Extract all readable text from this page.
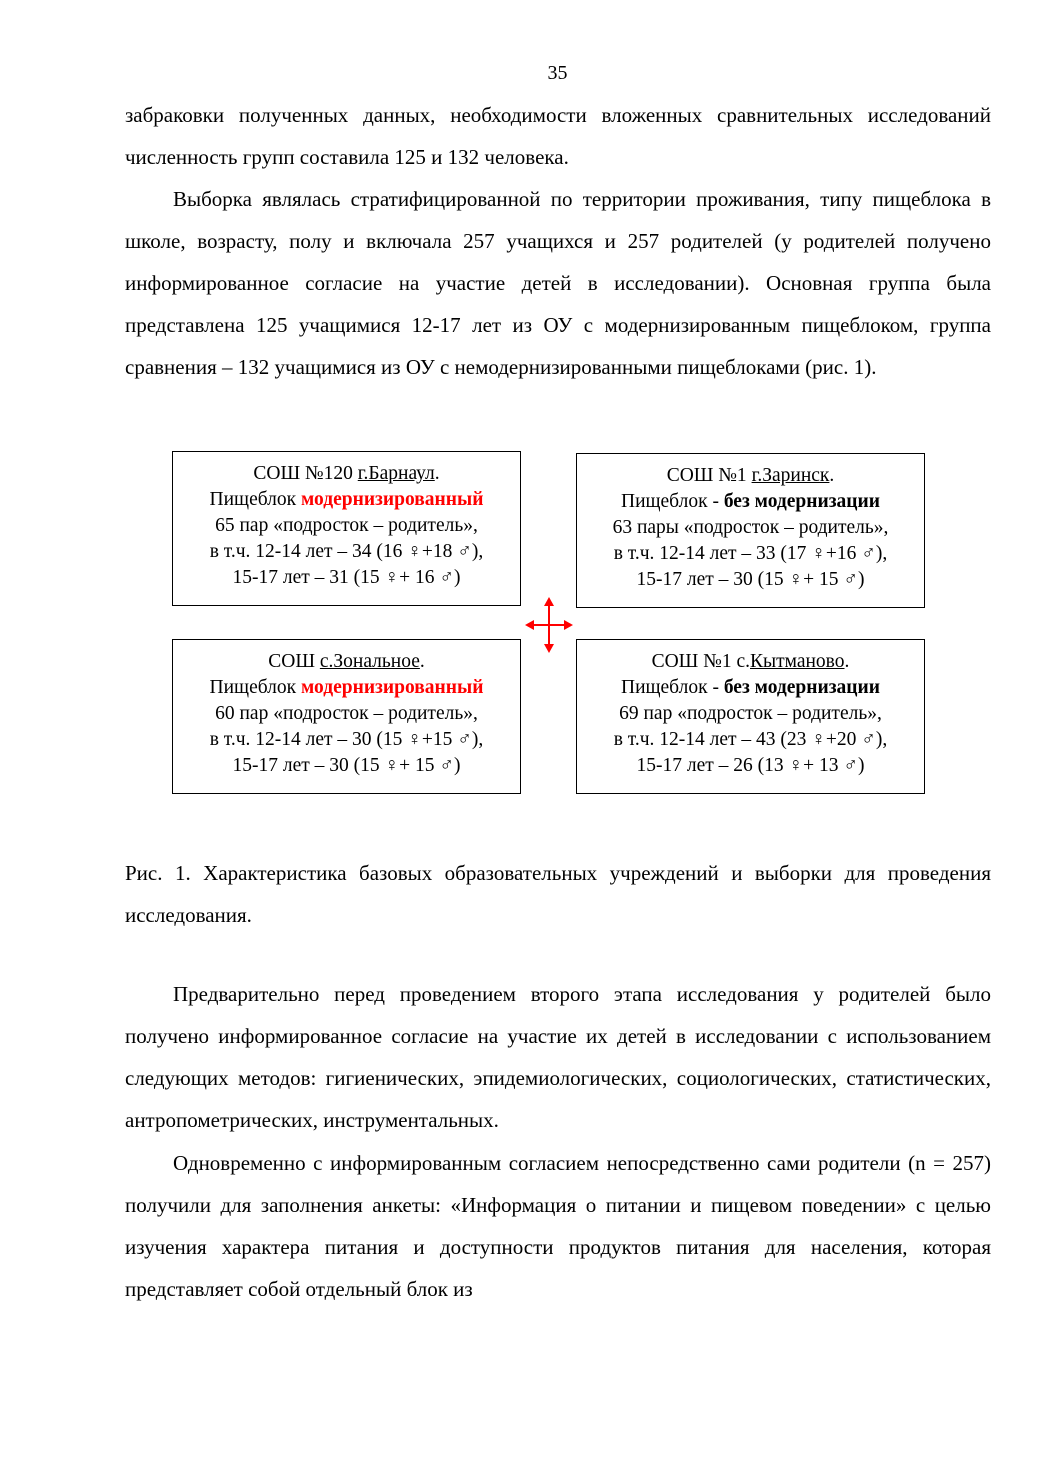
35

забраковки полученных данных, необходимости вложенных сравнительных исследований численность групп составила 125 и 132 человека.

Выборка являлась стратифицированной по территории проживания, типу пищеблока в школе, возрасту, полу и включала 257 учащихся и 257 родителей (у родителей получено информированное согласие на участие детей в исследовании). Основная группа была представлена 125 учащимися 12-17 лет из ОУ с модернизированным пищеблоком, группа сравнения – 132 учащимися из ОУ с немодернизированными пищеблоками (рис. 1).

СОШ №120 г.Барнаул.
Пищеблок модернизированный
65 пар «подросток – родитель»,
в т.ч. 12-14 лет – 34 (16 ♀+18 ♂),
15-17 лет – 31 (15 ♀+ 16 ♂)
СОШ №1 г.Заринск.
Пищеблок - без модернизации
63 пары «подросток – родитель»,
в т.ч. 12-14 лет – 33 (17 ♀+16 ♂),
15-17 лет – 30 (15 ♀+ 15 ♂)
СОШ с.Зональное.
Пищеблок модернизированный
60 пар «подросток – родитель»,
в т.ч. 12-14 лет – 30 (15 ♀+15 ♂),
15-17 лет – 30 (15 ♀+ 15 ♂)
СОШ №1 с.Кытманово.
Пищеблок - без модернизации
69 пар «подросток – родитель»,
в т.ч. 12-14 лет – 43 (23 ♀+20 ♂),
15-17 лет – 26 (13 ♀+ 13 ♂)

Рис. 1. Характеристика базовых образовательных учреждений и выборки для проведения исследования.

Предварительно перед проведением второго этапа исследования у родителей было получено информированное согласие на участие их детей в исследовании с использованием следующих методов: гигиенических, эпидемиологических, социологических, статистических, антропометрических, инструментальных.

Одновременно с информированным согласием непосредственно сами родители (n = 257) получили для заполнения анкеты: «Информация о питании и пищевом поведении» с целью изучения характера питания и доступности продуктов питания для населения, которая представляет собой отдельный блок из
